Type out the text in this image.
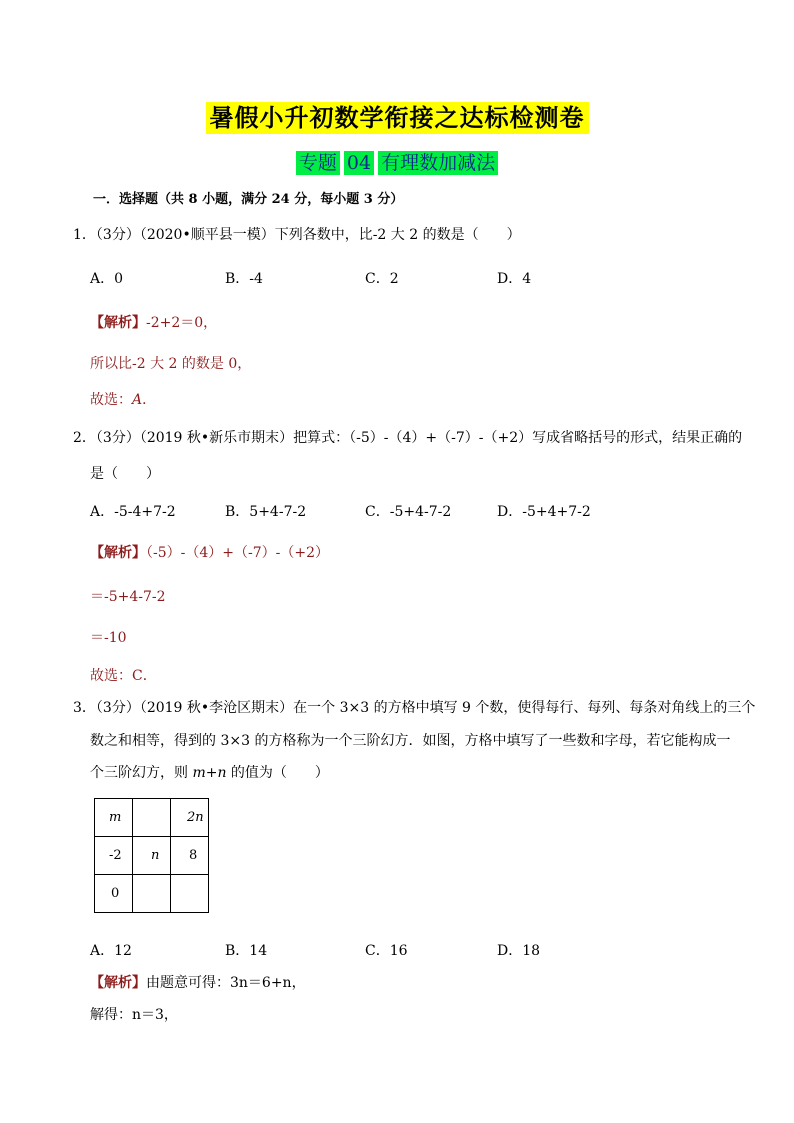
暑假小升初数学衔接之达标检测卷
专题 04 有理数加减法
一．选择题（共 8 小题，满分 24 分，每小题 3 分）
1．（3分）（2020•顺平县一模）下列各数中，比-2 大 2 的数是（　　）
A．0	B．-4	C．2	D．4
【解析】-2+2＝0，
所以比-2 大 2 的数是 0，
故选：A．
2．（3分）（2019 秋•新乐市期末）把算式：（-5）-（4）+（-7）-（+2）写成省略括号的形式，结果正确的
是（　　）
A．-5-4+7-2	B．5+4-7-2	C．-5+4-7-2	D．-5+4+7-2
【解析】（-5）-（4）+（-7）-（+2）
＝-5+4-7-2
＝-10
故选：C．
3．（3分）（2019 秋•李沧区期末）在一个 3×3 的方格中填写 9 个数，使得每行、每列、每条对角线上的三个
数之和相等，得到的 3×3 的方格称为一个三阶幻方．如图，方格中填写了一些数和字母，若它能构成一
个三阶幻方，则 m+n 的值为（　　）
m		2n
-2	n	8
0		
A．12	B．14	C．16	D．18
【解析】由题意可得：3n＝6+n，
解得：n＝3，
